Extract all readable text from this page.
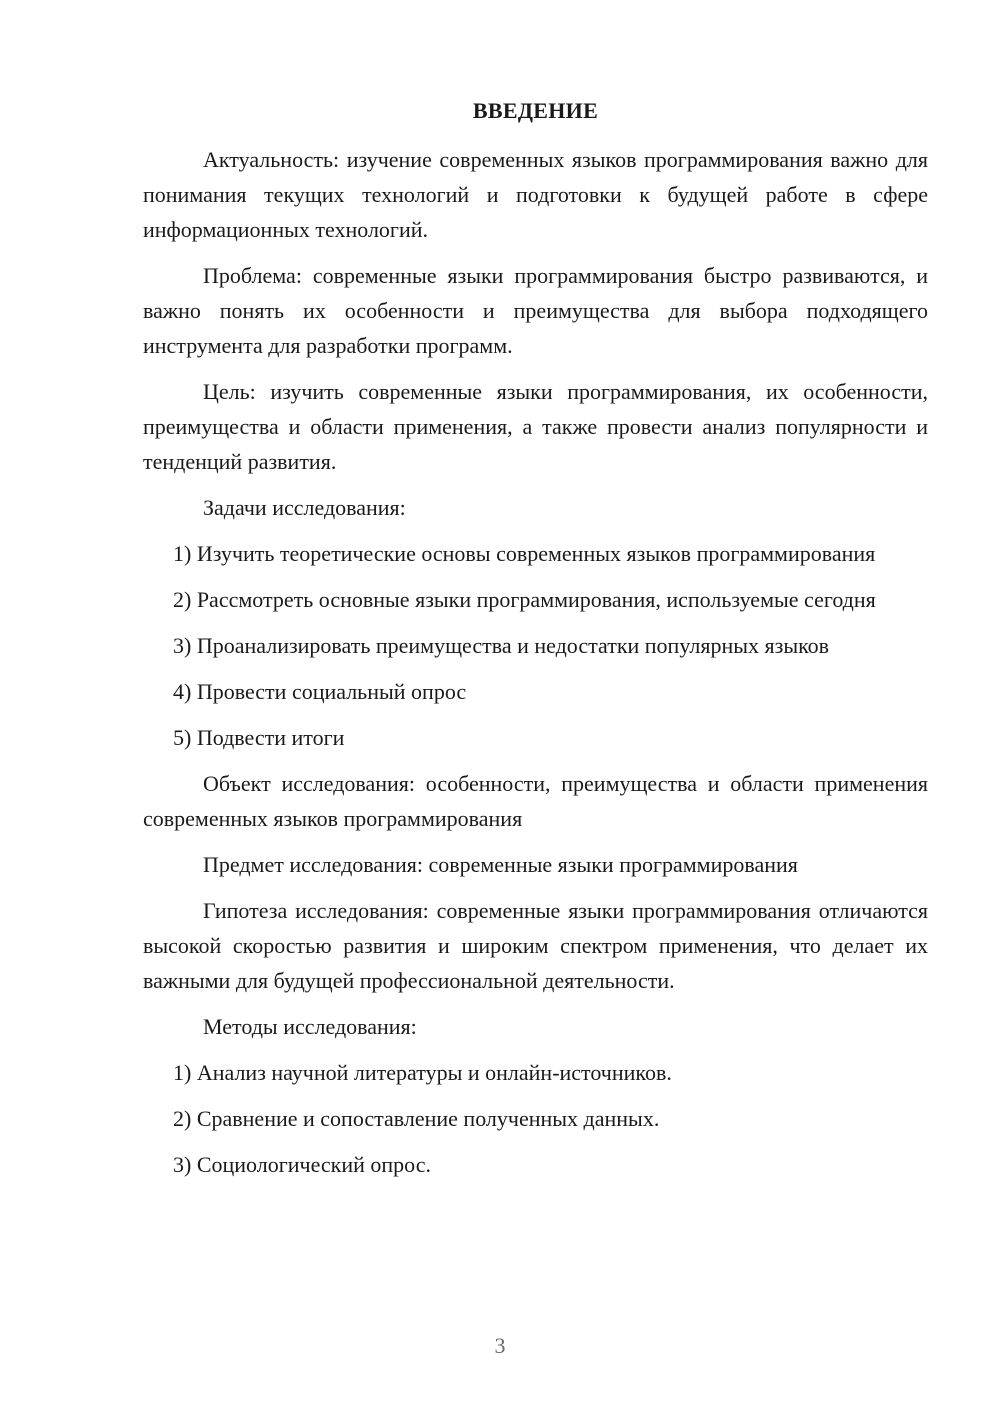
ВВЕДЕНИЕ
Актуальность: изучение современных языков программирования важно для понимания текущих технологий и подготовки к будущей работе в сфере информационных технологий.
Проблема: современные языки программирования быстро развиваются, и важно понять их особенности и преимущества для выбора подходящего инструмента для разработки программ.
Цель: изучить современные языки программирования, их особенности, преимущества и области применения, а также провести анализ популярности и тенденций развития.
Задачи исследования:
1) Изучить теоретические основы современных языков программирования
2) Рассмотреть основные языки программирования, используемые сегодня
3) Проанализировать преимущества и недостатки популярных языков
4) Провести социальный опрос
5) Подвести итоги
Объект исследования: особенности, преимущества и области применения современных языков программирования
Предмет исследования: современные языки программирования
Гипотеза исследования: современные языки программирования отличаются высокой скоростью развития и широким спектром применения, что делает их важными для будущей профессиональной деятельности.
Методы исследования:
1) Анализ научной литературы и онлайн-источников.
2) Сравнение и сопоставление полученных данных.
3) Социологический опрос.
3
